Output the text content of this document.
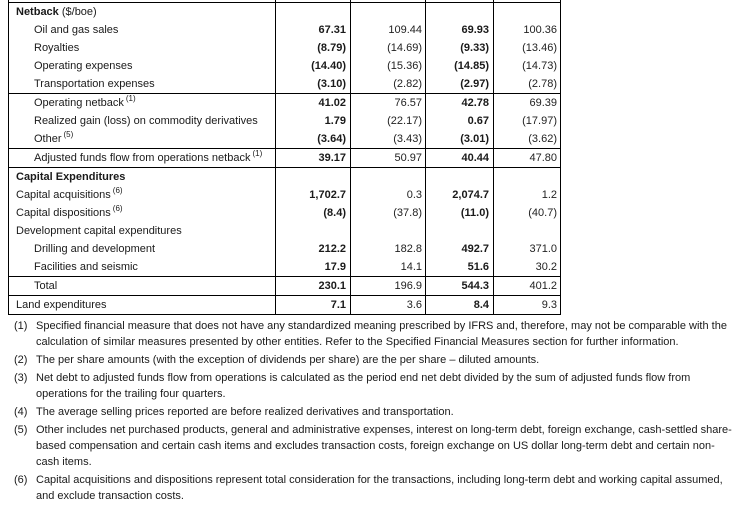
Netback ($/boe)				
Oil and gas sales	67.31	109.44	69.93	100.36
Royalties	(8.79)	(14.69)	(9.33)	(13.46)
Operating expenses	(14.40)	(15.36)	(14.85)	(14.73)
Transportation expenses	(3.10)	(2.82)	(2.97)	(2.78)
Operating netback $^{(1)}$	41.02	76.57	42.78	69.39
Realized gain (loss) on commodity derivatives	1.79	(22.17)	0.67	(17.97)
Other $^{(5)}$	(3.64)	(3.43)	(3.01)	(3.62)
Adjusted funds flow from operations netback $^{(1)}$	39.17	50.97	40.44	47.80
Capital Expenditures				
Capital acquisitions $^{(6)}$	1,702.7	0.3	2,074.7	1.2
Capital dispositions $^{(6)}$	(8.4)	(37.8)	(11.0)	(40.7)
Development capital expenditures				
Drilling and development	212.2	182.8	492.7	371.0
Facilities and seismic	17.9	14.1	51.6	30.2
Total	230.1	196.9	544.3	401.2
Land expenditures	7.1	3.6	8.4	9.3
(1) Specified financial measure that does not have any standardized meaning prescribed by IFRS and, therefore, may not be comparable with the calculation of similar measures presented by other entities. Refer to the Specified Financial Measures section for further information.
(2) The per share amounts (with the exception of dividends per share) are the per share – diluted amounts.
(3) Net debt to adjusted funds flow from operations is calculated as the period end net debt divided by the sum of adjusted funds flow from operations for the trailing four quarters.
(4) The average selling prices reported are before realized derivatives and transportation.
(5) Other includes net purchased products, general and administrative expenses, interest on long-term debt, foreign exchange, cash-settled share-based compensation and certain cash items and excludes transaction costs, foreign exchange on US dollar long-term debt and certain non-cash items.
(6) Capital acquisitions and dispositions represent total consideration for the transactions, including long-term debt and working capital assumed, and exclude transaction costs.
